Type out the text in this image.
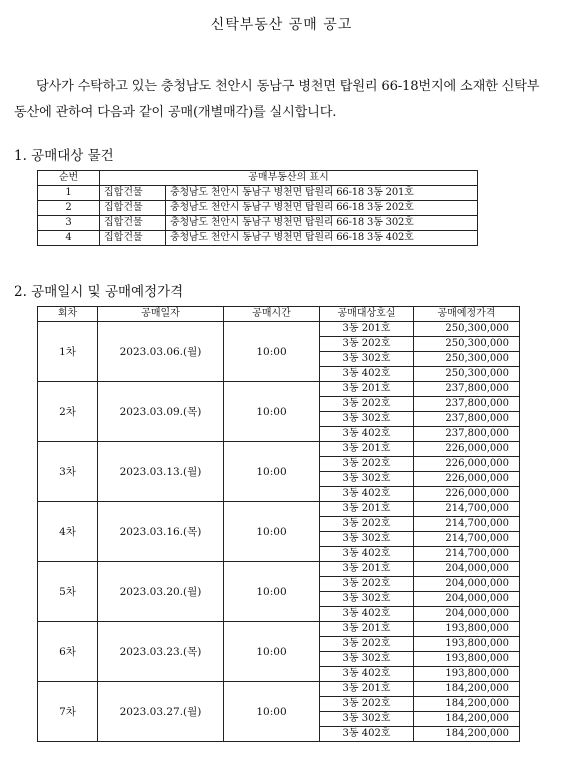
신탁부동산 공매 공고
당사가 수탁하고 있는 충청남도 천안시 동남구 병천면 탑원리 66-18번지에 소재한 신탁부동산에 관하여 다음과 같이 공매(개별매각)를 실시합니다.
1. 공매대상 물건
순번	공매부동산의 표시	
1	집합건물	충청남도 천안시 동남구 병천면 탑원리 66-18 3동 201호
2	집합건물	충청남도 천안시 동남구 병천면 탑원리 66-18 3동 202호
3	집합건물	충청남도 천안시 동남구 병천면 탑원리 66-18 3동 302호
4	집합건물	충청남도 천안시 동남구 병천면 탑원리 66-18 3동 402호
2. 공매일시 및 공매예정가격
회차	공매일자	공매시간	공매대상호실	공매예정가격
1차	2023.03.06.(월)	10:00	3동 201호	250,300,000
			3동 202호	250,300,000
			3동 302호	250,300,000
			3동 402호	250,300,000
2차	2023.03.09.(목)	10:00	3동 201호	237,800,000
			3동 202호	237,800,000
			3동 302호	237,800,000
			3동 402호	237,800,000
3차	2023.03.13.(월)	10:00	3동 201호	226,000,000
			3동 202호	226,000,000
			3동 302호	226,000,000
			3동 402호	226,000,000
4차	2023.03.16.(목)	10:00	3동 201호	214,700,000
			3동 202호	214,700,000
			3동 302호	214,700,000
			3동 402호	214,700,000
5차	2023.03.20.(월)	10:00	3동 201호	204,000,000
			3동 202호	204,000,000
			3동 302호	204,000,000
			3동 402호	204,000,000
6차	2023.03.23.(목)	10:00	3동 201호	193,800,000
			3동 202호	193,800,000
			3동 302호	193,800,000
			3동 402호	193,800,000
7차	2023.03.27.(월)	10:00	3동 201호	184,200,000
			3동 202호	184,200,000
			3동 302호	184,200,000
			3동 402호	184,200,000
